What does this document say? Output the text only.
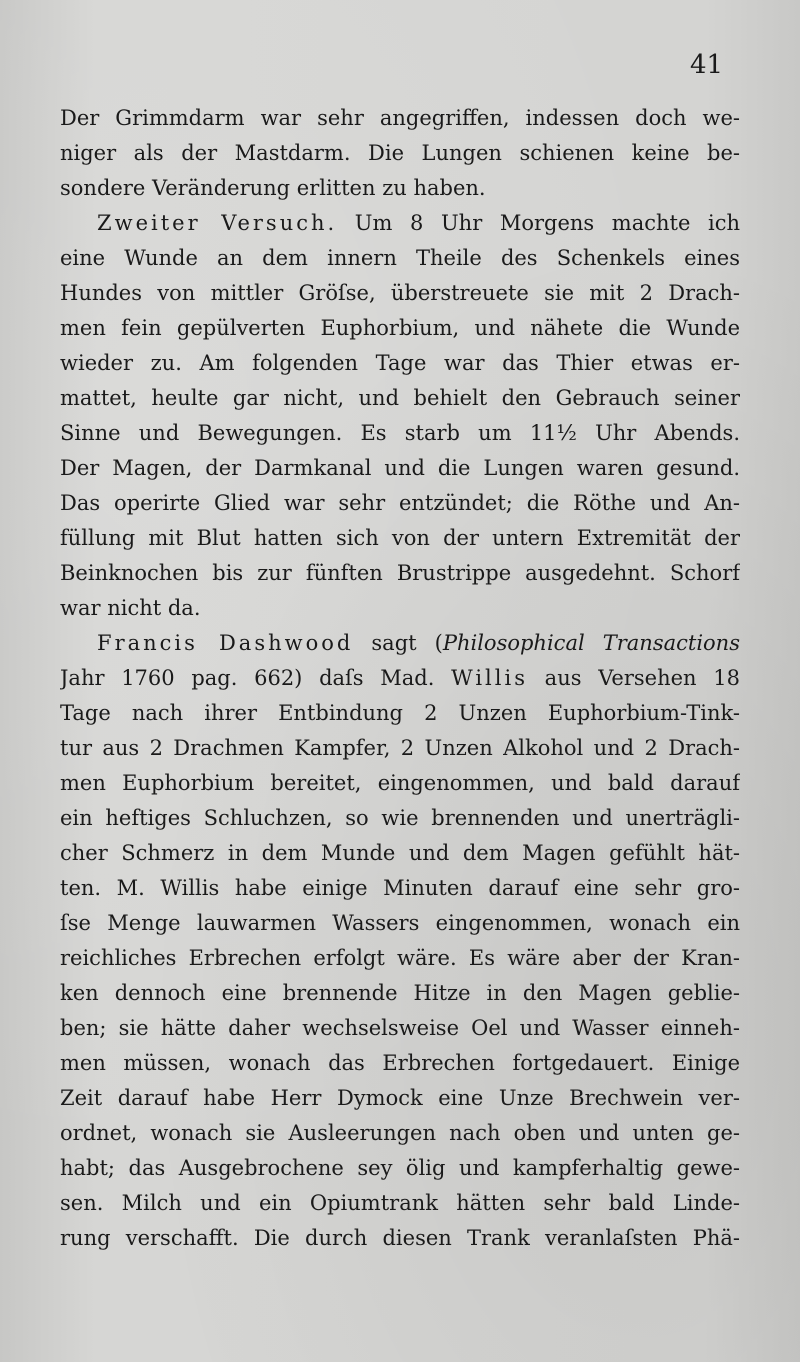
41
Der Grimmdarm war sehr angegriffen, indessen doch we-
niger als der Mastdarm. Die Lungen schienen keine be-
sondere Veränderung erlitten zu haben.
Zweiter Versuch. Um 8 Uhr Morgens machte ich
eine Wunde an dem innern Theile des Schenkels eines
Hundes von mittler Gröſse, überstreuete sie mit 2 Drach-
men fein gepülverten Euphorbium, und nähete die Wunde
wieder zu. Am folgenden Tage war das Thier etwas er-
mattet, heulte gar nicht, und behielt den Gebrauch seiner
Sinne und Bewegungen. Es starb um 11½ Uhr Abends.
Der Magen, der Darmkanal und die Lungen waren gesund.
Das operirte Glied war sehr entzündet; die Röthe und An-
füllung mit Blut hatten sich von der untern Extremität der
Beinknochen bis zur fünften Brustrippe ausgedehnt. Schorf
war nicht da.
Francis Dashwood sagt (Philosophical Transactions
Jahr 1760 pag. 662) daſs Mad. Willis aus Versehen 18
Tage nach ihrer Entbindung 2 Unzen Euphorbium-Tink-
tur aus 2 Drachmen Kampfer, 2 Unzen Alkohol und 2 Drach-
men Euphorbium bereitet, eingenommen, und bald darauf
ein heftiges Schluchzen, so wie brennenden und unerträgli-
cher Schmerz in dem Munde und dem Magen gefühlt hät-
ten. M. Willis habe einige Minuten darauf eine sehr gro-
ſse Menge lauwarmen Wassers eingenommen, wonach ein
reichliches Erbrechen erfolgt wäre. Es wäre aber der Kran-
ken dennoch eine brennende Hitze in den Magen geblie-
ben; sie hätte daher wechselsweise Oel und Wasser einneh-
men müssen, wonach das Erbrechen fortgedauert. Einige
Zeit darauf habe Herr Dymock eine Unze Brechwein ver-
ordnet, wonach sie Ausleerungen nach oben und unten ge-
habt; das Ausgebrochene sey ölig und kampferhaltig gewe-
sen. Milch und ein Opiumtrank hätten sehr bald Linde-
rung verschafft. Die durch diesen Trank veranlaſsten Phä-
